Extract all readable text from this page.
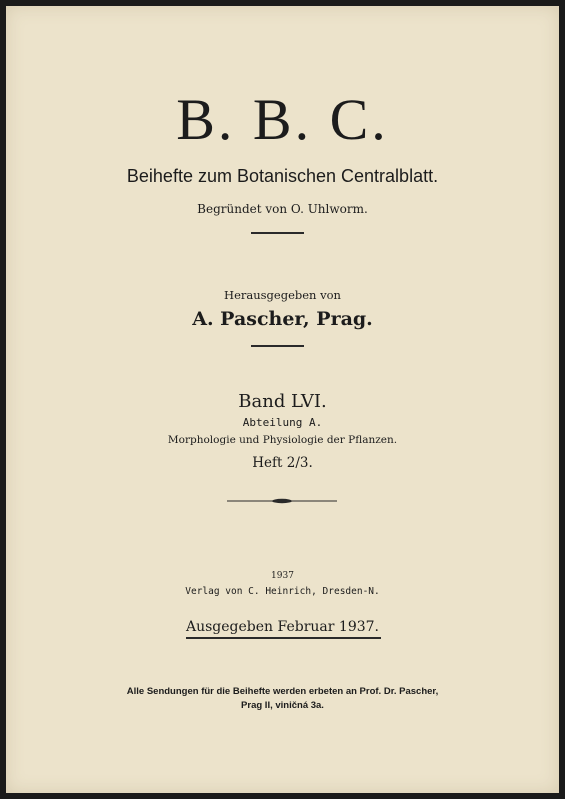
B. B. C.
Beihefte zum Botanischen Centralblatt.
Begründet von O. Uhlworm.
Herausgegeben von
A. Pascher, Prag.
Band LVI.
Abteilung A.
Morphologie und Physiologie der Pflanzen.
Heft 2/3.
1937
Verlag von C. Heinrich, Dresden-N.
Ausgegeben Februar 1937.
Alle Sendungen für die Beihefte werden erbeten an Prof. Dr. Pascher,
Prag II, viničná 3a.
